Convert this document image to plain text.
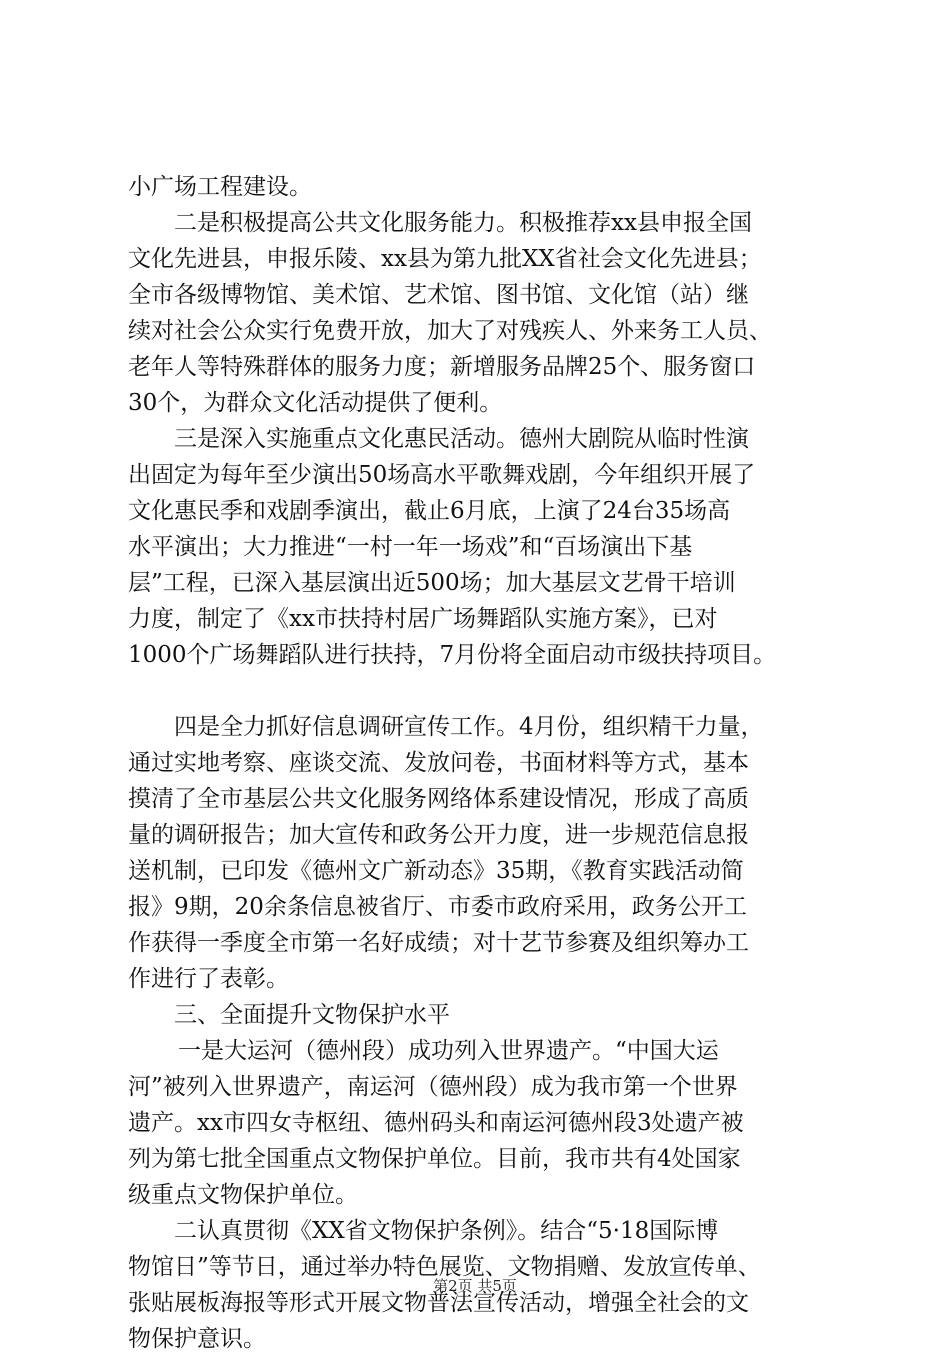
小广场工程建设。
二是积极提高公共文化服务能力。积极推荐xx县申报全国
文化先进县，申报乐陵、xx县为第九批XX省社会文化先进县；
全市各级博物馆、美术馆、艺术馆、图书馆、文化馆（站）继
续对社会公众实行免费开放，加大了对残疾人、外来务工人员、
老年人等特殊群体的服务力度；新增服务品牌25个、服务窗口
30个，为群众文化活动提供了便利。
三是深入实施重点文化惠民活动。德州大剧院从临时性演
出固定为每年至少演出50场高水平歌舞戏剧，今年组织开展了
文化惠民季和戏剧季演出，截止6月底，上演了24台35场高
水平演出；大力推进“一村一年一场戏”和“百场演出下基
层”工程，已深入基层演出近500场；加大基层文艺骨干培训
力度，制定了《xx市扶持村居广场舞蹈队实施方案》，已对
1000个广场舞蹈队进行扶持，7月份将全面启动市级扶持项目。
四是全力抓好信息调研宣传工作。4月份，组织精干力量，
通过实地考察、座谈交流、发放问卷，书面材料等方式，基本
摸清了全市基层公共文化服务网络体系建设情况，形成了高质
量的调研报告；加大宣传和政务公开力度，进一步规范信息报
送机制，已印发《德州文广新动态》35期，《教育实践活动简
报》9期，20余条信息被省厅、市委市政府采用，政务公开工
作获得一季度全市第一名好成绩；对十艺节参赛及组织筹办工
作进行了表彰。
三、全面提升文物保护水平
一是大运河（德州段）成功列入世界遗产。“中国大运
河”被列入世界遗产，南运河（德州段）成为我市第一个世界
遗产。xx市四女寺枢纽、德州码头和南运河德州段3处遗产被
列为第七批全国重点文物保护单位。目前，我市共有4处国家
级重点文物保护单位。
二认真贯彻《XX省文物保护条例》。结合“5·18国际博
物馆日”等节日，通过举办特色展览、文物捐赠、发放宣传单、
张贴展板海报等形式开展文物普法宣传活动，增强全社会的文
物保护意识。
第2页 共5页
